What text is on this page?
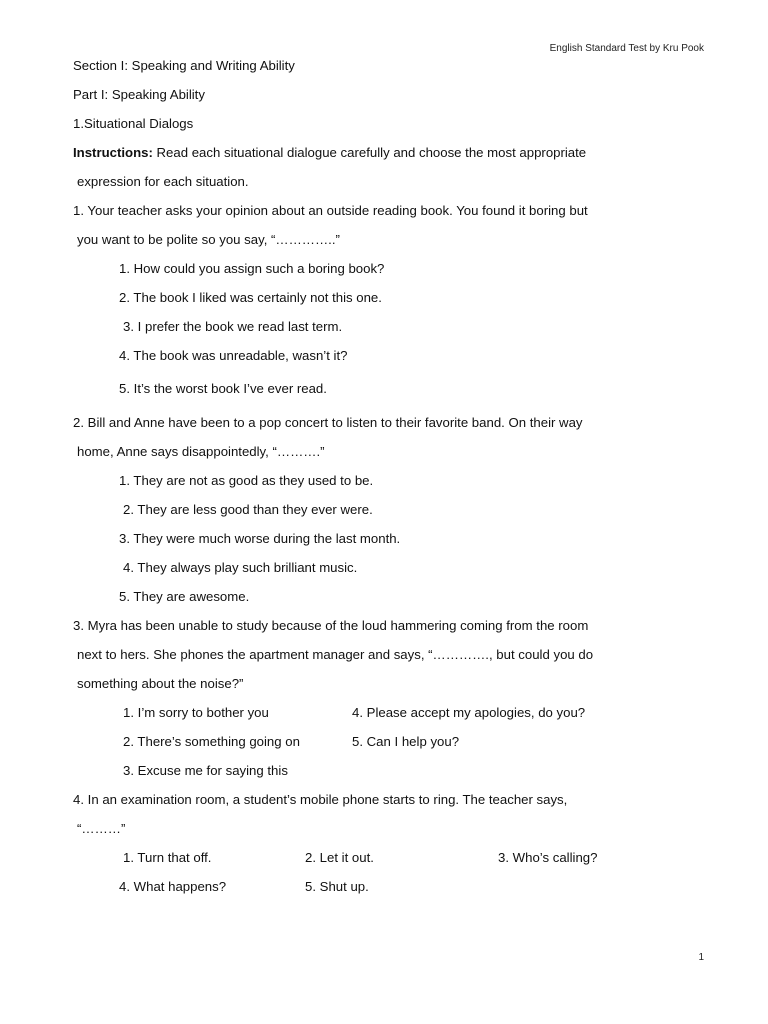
English Standard Test by Kru Pook
Section I: Speaking and Writing Ability
Part I: Speaking Ability
1.Situational Dialogs
Instructions: Read each situational dialogue carefully and choose the most appropriate
expression for each situation.
1. Your teacher asks your opinion about an outside reading book. You found it boring but
you want to be polite so you say, “…………..”
1. How could you assign such a boring book?
2. The book I liked was certainly not this one.
3. I prefer the book we read last term.
4. The book was unreadable, wasn’t it?
5. It’s the worst book I’ve ever read.
2. Bill and Anne have been to a pop concert to listen to their favorite band. On their way
home, Anne says disappointedly, “……….”
1. They are not as good as they used to be.
2. They are less good than they ever were.
3. They were much worse during the last month.
4. They always play such brilliant music.
5. They are awesome.
3. Myra has been unable to study because of the loud hammering coming from the room
next to hers. She phones the apartment manager and says, “…………., but could you do
something about the noise?”
1. I’m sorry to bother you	4. Please accept my apologies, do you?
2. There’s something going on	5. Can I help you?
3. Excuse me for saying this
4. In an examination room, a student’s mobile phone starts to ring. The teacher says,
“………”
1. Turn that off.	2. Let it out.	3. Who’s calling?
4. What happens?	5. Shut up.
1
